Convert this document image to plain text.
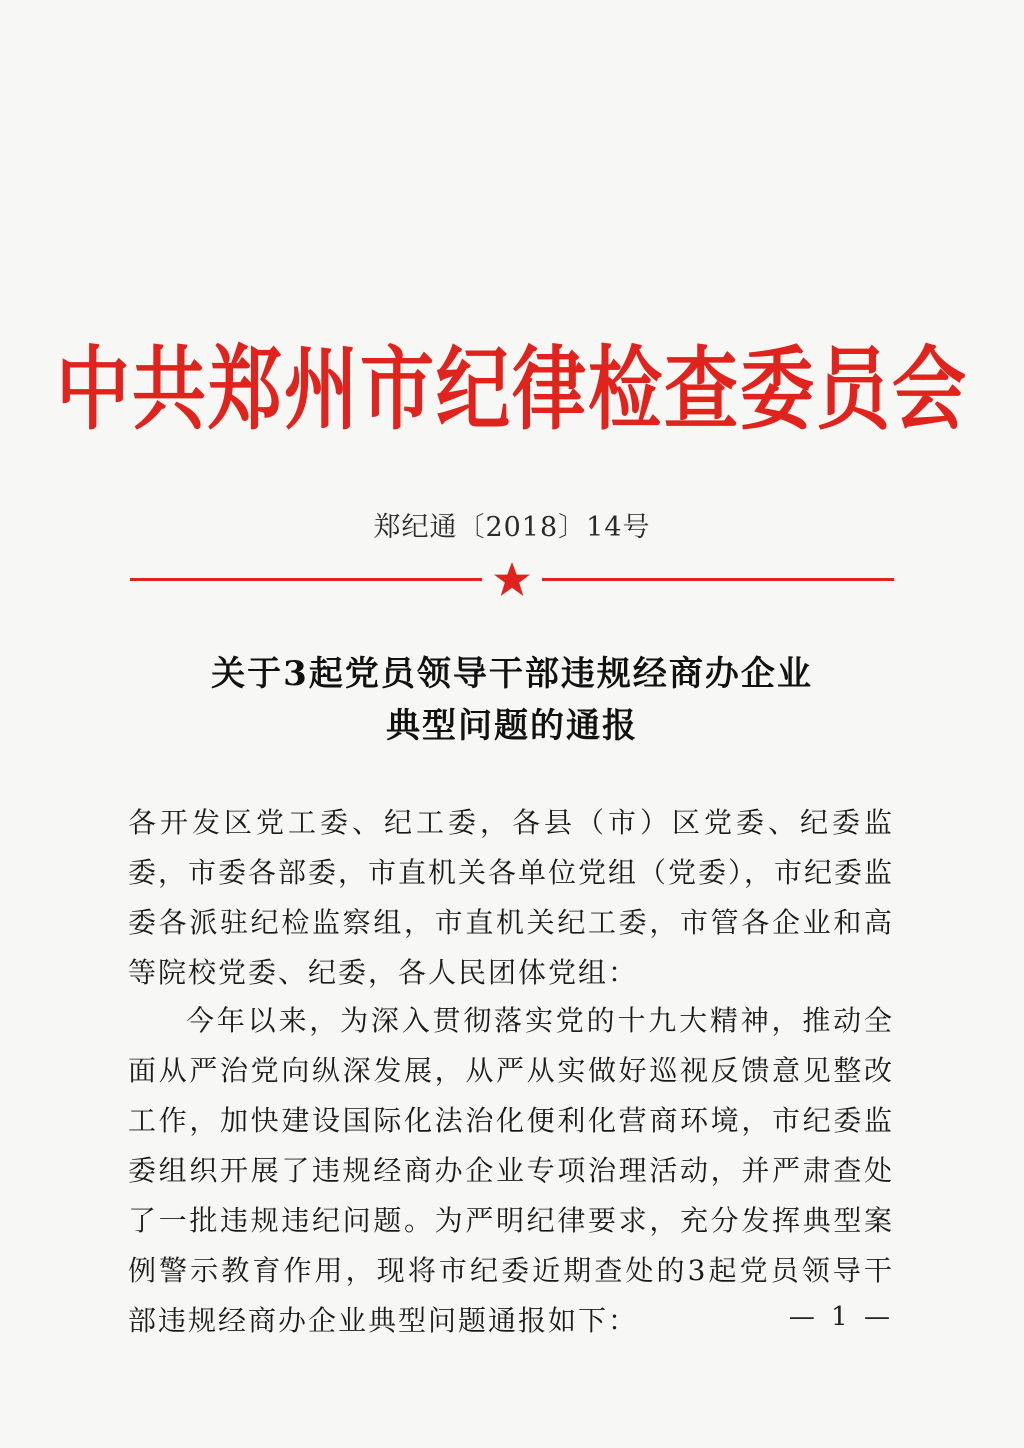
中共郑州市纪律检查委员会
郑纪通〔2018〕14号
关于3起党员领导干部违规经商办企业
典型问题的通报
各开发区党工委、纪工委，各县（市）区党委、纪委监委，市委各部委，市直机关各单位党组（党委），市纪委监委各派驻纪检监察组，市直机关纪工委，市管各企业和高等院校党委、纪委，各人民团体党组：
今年以来，为深入贯彻落实党的十九大精神，推动全面从严治党向纵深发展，从严从实做好巡视反馈意见整改工作，加快建设国际化法治化便利化营商环境，市纪委监委组织开展了违规经商办企业专项治理活动，并严肃查处了一批违规违纪问题。为严明纪律要求，充分发挥典型案例警示教育作用，现将市纪委近期查处的3起党员领导干部违规经商办企业典型问题通报如下：	— 1 —
